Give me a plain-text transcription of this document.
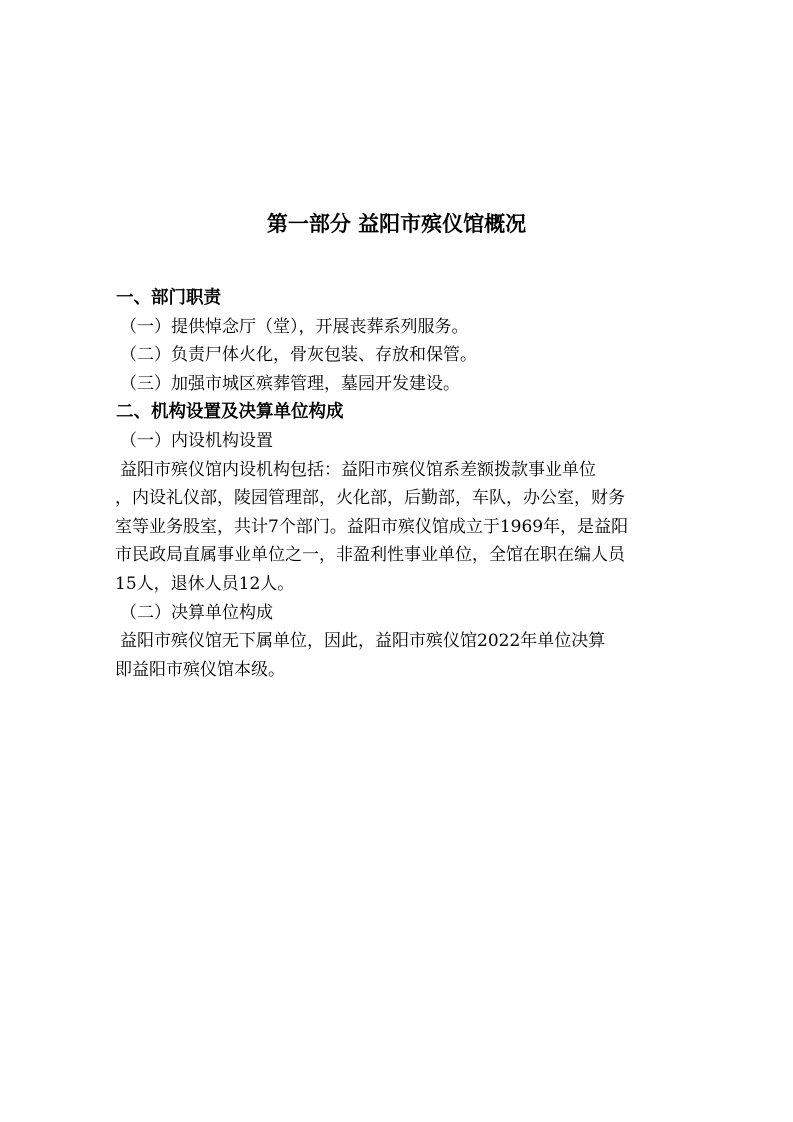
第一部分 益阳市殡仪馆概况

一、部门职责

（一）提供悼念厅（堂），开展丧葬系列服务。

（二）负责尸体火化，骨灰包装、存放和保管。

（三）加强市城区殡葬管理，墓园开发建设。

二、机构设置及决算单位构成

（一）内设机构设置

益阳市殡仪馆内设机构包括：益阳市殡仪馆系差额拨款事业单位

，内设礼仪部，陵园管理部，火化部，后勤部，车队，办公室，财务

室等业务股室，共计7个部门。益阳市殡仪馆成立于1969年，是益阳

市民政局直属事业单位之一，非盈利性事业单位，全馆在职在编人员

15人，退休人员12人。

（二）决算单位构成

益阳市殡仪馆无下属单位，因此，益阳市殡仪馆2022年单位决算

即益阳市殡仪馆本级。
